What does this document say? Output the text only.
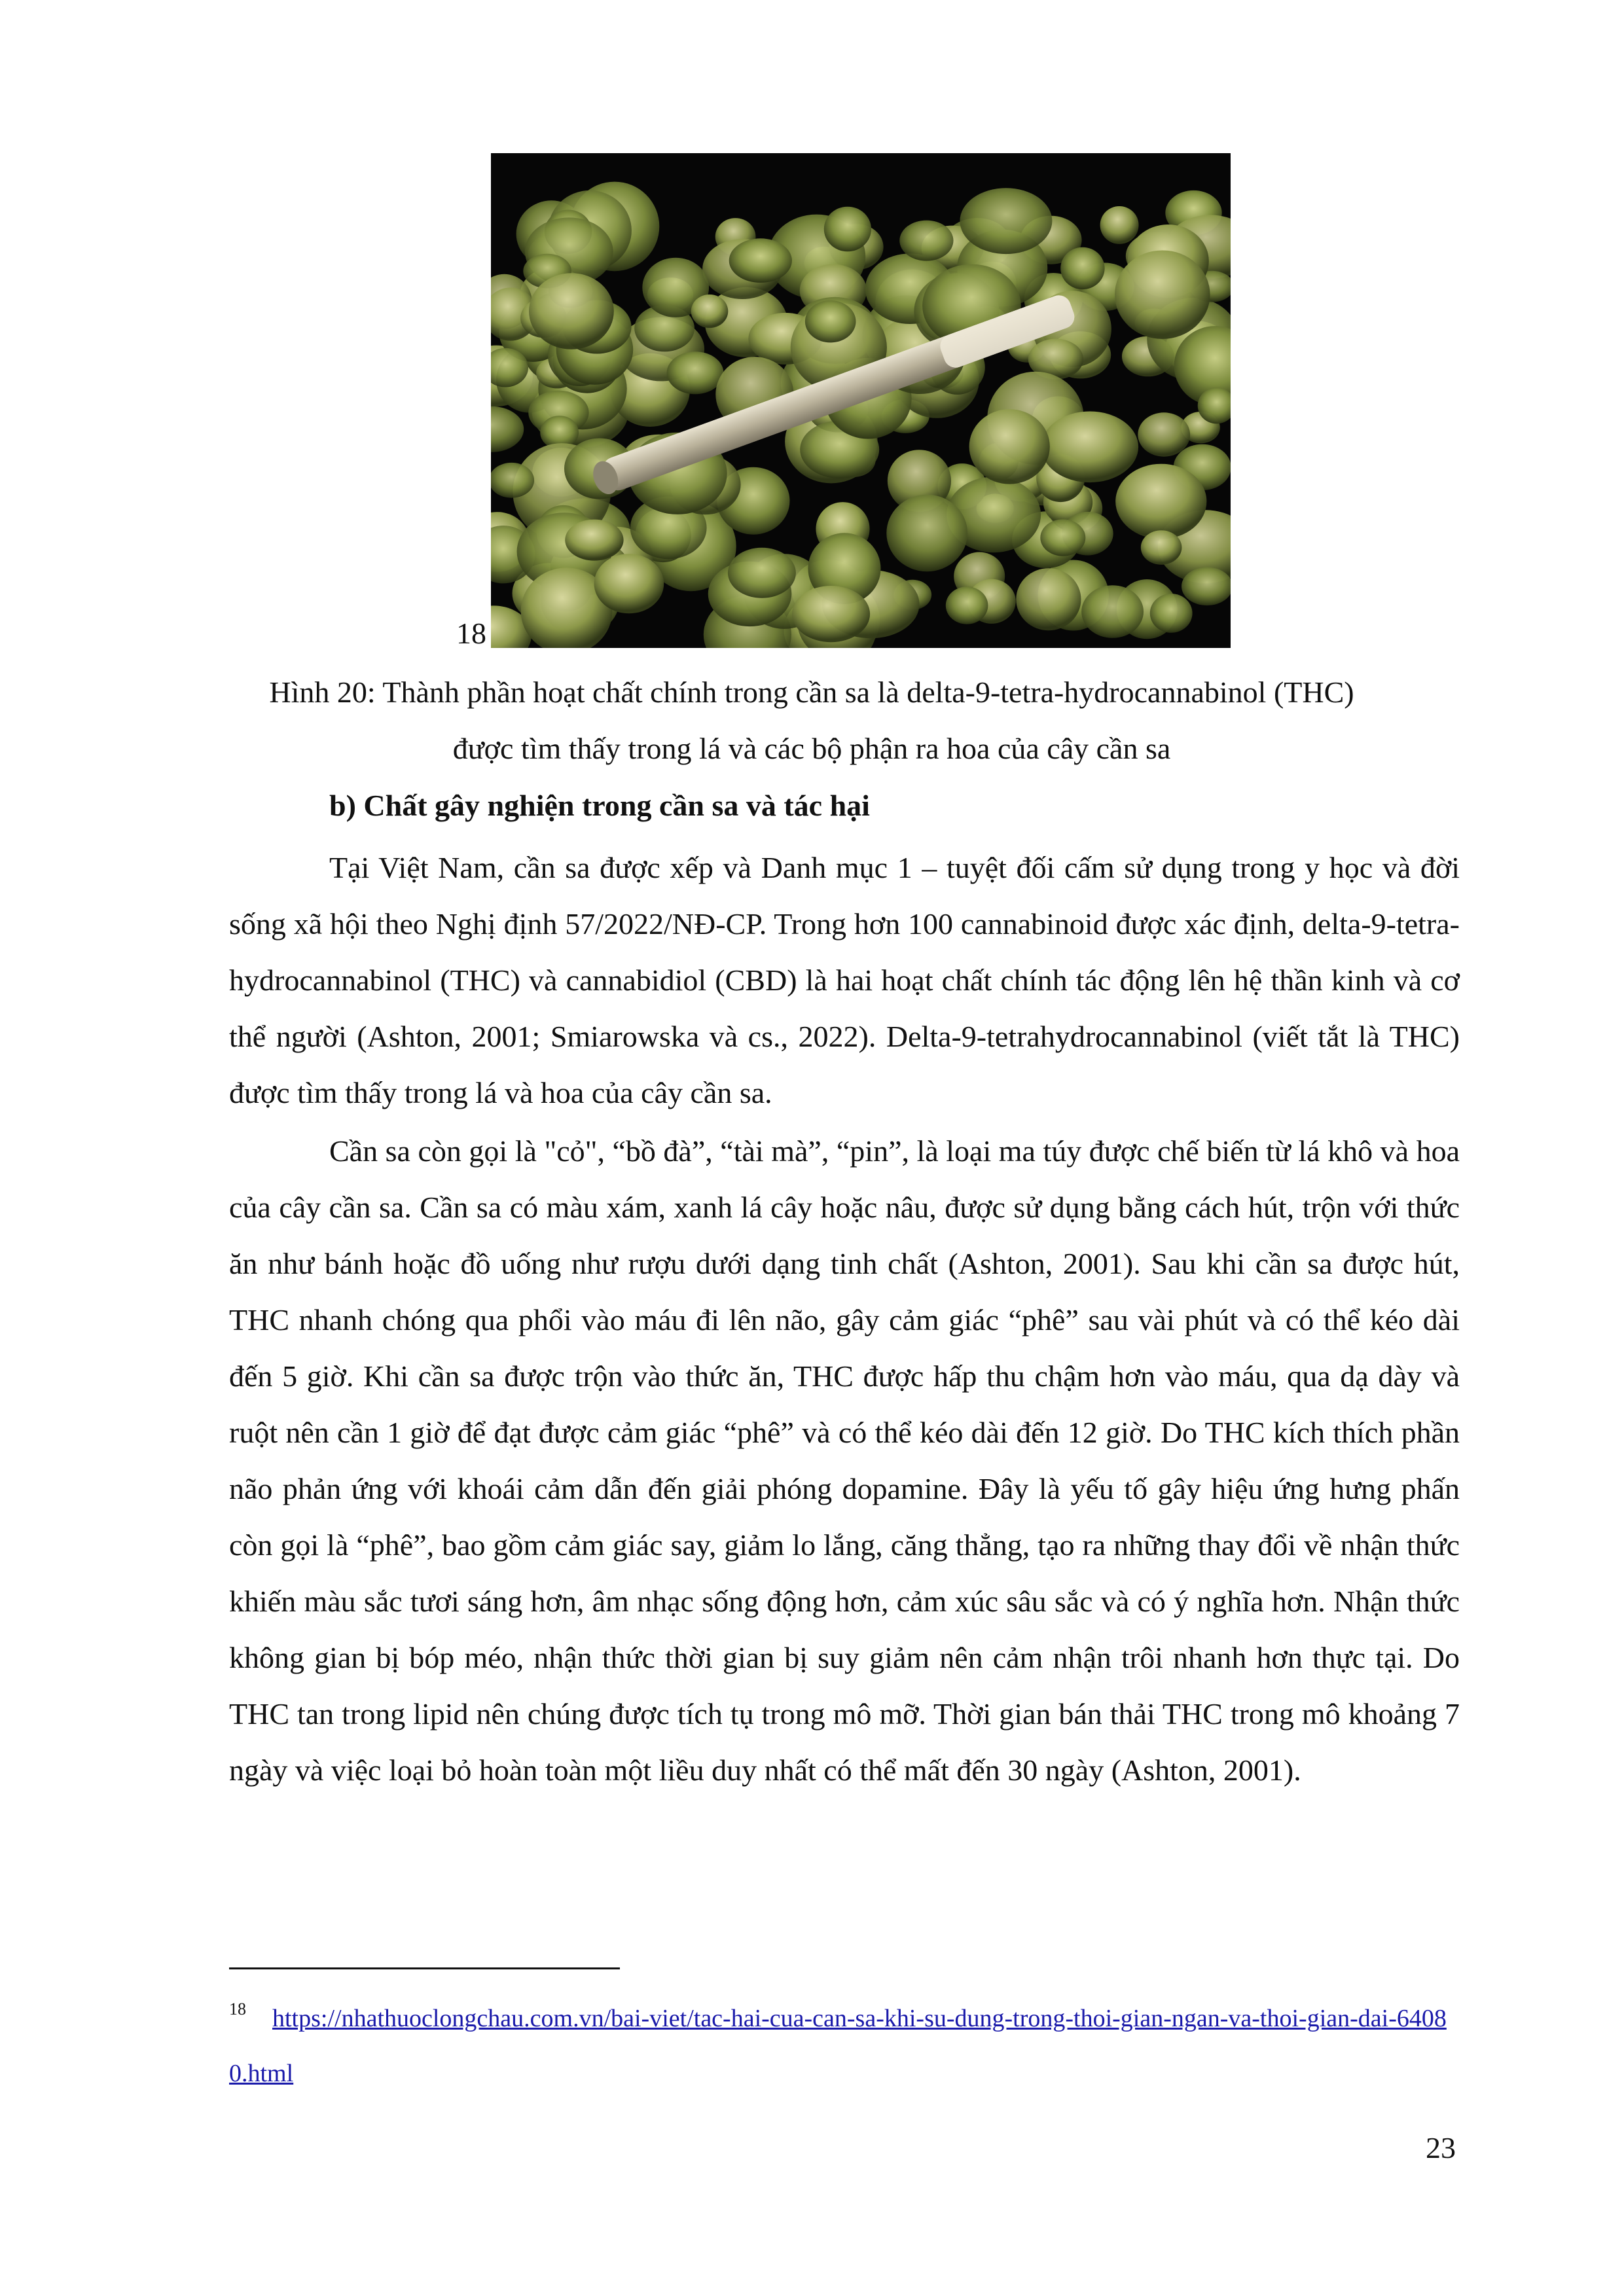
18
Hình 20: Thành phần hoạt chất chính trong cần sa là delta-9-tetra-hydrocannabinol (THC)
được tìm thấy trong lá và các bộ phận ra hoa của cây cần sa
b) Chất gây nghiện trong cần sa và tác hại

Tại Việt Nam, cần sa được xếp và Danh mục 1 – tuyệt đối cấm sử dụng trong y học và đời sống xã hội theo Nghị định 57/2022/NĐ-CP. Trong hơn 100 cannabinoid được xác định, delta-9-tetra-hydrocannabinol (THC) và cannabidiol (CBD) là hai hoạt chất chính tác động lên hệ thần kinh và cơ thể người (Ashton, 2001; Smiarowska và cs., 2022). Delta-9-tetrahydrocannabinol (viết tắt là THC) được tìm thấy trong lá và hoa của cây cần sa.

Cần sa còn gọi là "cỏ", “bồ đà”, “tài mà”, “pin”, là loại ma túy được chế biến từ lá khô và hoa của cây cần sa. Cần sa có màu xám, xanh lá cây hoặc nâu, được sử dụng bằng cách hút, trộn với thức ăn như bánh hoặc đồ uống như rượu dưới dạng tinh chất (Ashton, 2001). Sau khi cần sa được hút, THC nhanh chóng qua phổi vào máu đi lên não, gây cảm giác “phê” sau vài phút và có thể kéo dài đến 5 giờ. Khi cần sa được trộn vào thức ăn, THC được hấp thu chậm hơn vào máu, qua dạ dày và ruột nên cần 1 giờ để đạt được cảm giác “phê” và có thể kéo dài đến 12 giờ. Do THC kích thích phần não phản ứng với khoái cảm dẫn đến giải phóng dopamine. Đây là yếu tố gây hiệu ứng hưng phấn còn gọi là “phê”, bao gồm cảm giác say, giảm lo lắng, căng thẳng, tạo ra những thay đổi về nhận thức khiến màu sắc tươi sáng hơn, âm nhạc sống động hơn, cảm xúc sâu sắc và có ý nghĩa hơn. Nhận thức không gian bị bóp méo, nhận thức thời gian bị suy giảm nên cảm nhận trôi nhanh hơn thực tại. Do THC tan trong lipid nên chúng được tích tụ trong mô mỡ. Thời gian bán thải THC trong mô khoảng 7 ngày và việc loại bỏ hoàn toàn một liều duy nhất có thể mất đến 30 ngày (Ashton, 2001).

$^{18}$ https://nhathuoclongchau.com.vn/bai-viet/tac-hai-cua-can-sa-khi-su-dung-trong-thoi-gian-ngan-va-thoi-gian-dai-64080.html
23
